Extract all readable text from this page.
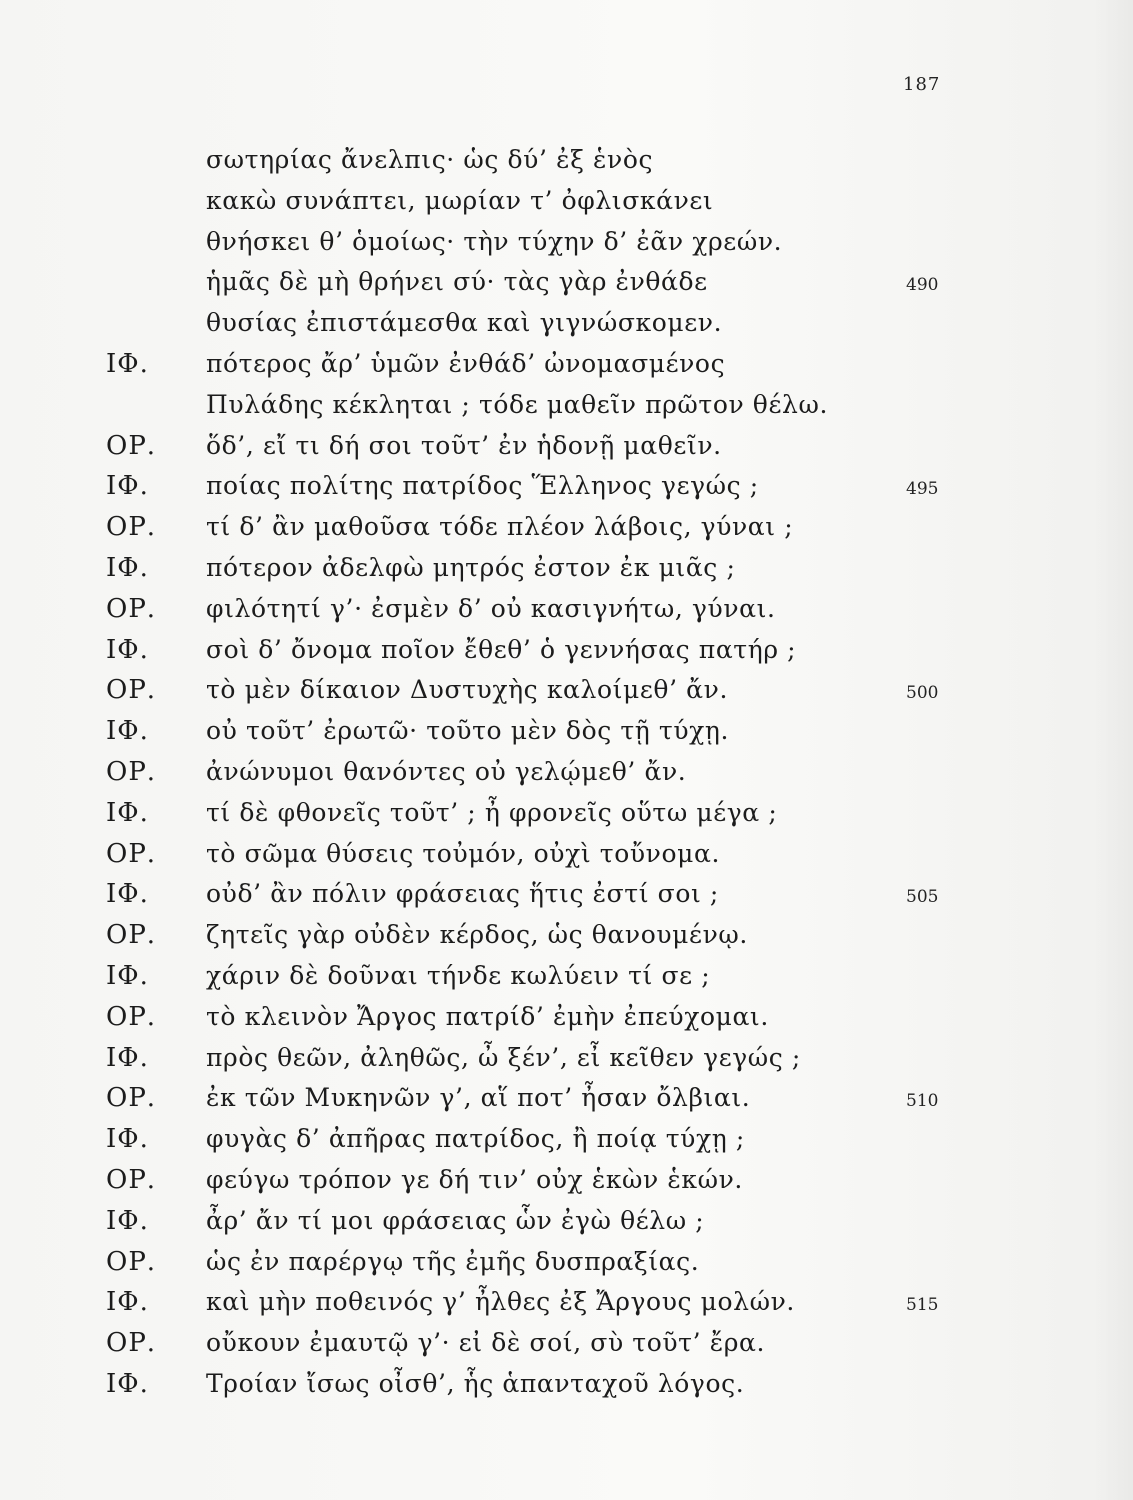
187
σωτηρίας ἄνελπις· ὡς δύ’ ἐξ ἑνὸς
κακὼ συνάπτει, μωρίαν τ’ ὀφλισκάνει
θνήσκει θ’ ὁμοίως· τὴν τύχην δ’ ἐᾶν χρεών.
ἡμᾶς δὲ μὴ θρήνει σύ· τὰς γὰρ ἐνθάδε	490
θυσίας ἐπιστάμεσθα καὶ γιγνώσκομεν.
ΙΦ. πότερος ἄρ’ ὑμῶν ἐνθάδ’ ὠνομασμένος
Πυλάδης κέκληται ; τόδε μαθεῖν πρῶτον θέλω.
ΟΡ. ὅδ’, εἴ τι δή σοι τοῦτ’ ἐν ἡδονῇ μαθεῖν.
ΙΦ. ποίας πολίτης πατρίδος Ἕλληνος γεγώς ;	495
ΟΡ. τί δ’ ἂν μαθοῦσα τόδε πλέον λάβοις, γύναι ;
ΙΦ. πότερον ἀδελφὼ μητρός ἐστον ἐκ μιᾶς ;
ΟΡ. φιλότητί γ’· ἐσμὲν δ’ οὐ κασιγνήτω, γύναι.
ΙΦ. σοὶ δ’ ὄνομα ποῖον ἔθεθ’ ὁ γεννήσας πατήρ ;
ΟΡ. τὸ μὲν δίκαιον Δυστυχὴς καλοίμεθ’ ἄν.	500
ΙΦ. οὐ τοῦτ’ ἐρωτῶ· τοῦτο μὲν δὸς τῇ τύχῃ.
ΟΡ. ἀνώνυμοι θανόντες οὐ γελῴμεθ’ ἄν.
ΙΦ. τί δὲ φθονεῖς τοῦτ’ ; ἦ φρονεῖς οὕτω μέγα ;
ΟΡ. τὸ σῶμα θύσεις τοὐμόν, οὐχὶ τοὔνομα.
ΙΦ. οὐδ’ ἂν πόλιν φράσειας ἥτις ἐστί σοι ;	505
ΟΡ. ζητεῖς γὰρ οὐδὲν κέρδος, ὡς θανουμένῳ.
ΙΦ. χάριν δὲ δοῦναι τήνδε κωλύειν τί σε ;
ΟΡ. τὸ κλεινὸν Ἄργος πατρίδ’ ἐμὴν ἐπεύχομαι.
ΙΦ. πρὸς θεῶν, ἀληθῶς, ὦ ξέν’, εἶ κεῖθεν γεγώς ;
ΟΡ. ἐκ τῶν Μυκηνῶν γ’, αἵ ποτ’ ἦσαν ὄλβιαι.	510
ΙΦ. φυγὰς δ’ ἀπῆρας πατρίδος, ἢ ποίᾳ τύχῃ ;
ΟΡ. φεύγω τρόπον γε δή τιν’ οὐχ ἑκὼν ἑκών.
ΙΦ. ἆρ’ ἄν τί μοι φράσειας ὧν ἐγὼ θέλω ;
ΟΡ. ὡς ἐν παρέργῳ τῆς ἐμῆς δυσπραξίας.
ΙΦ. καὶ μὴν ποθεινός γ’ ἦλθες ἐξ Ἄργους μολών.	515
ΟΡ. οὔκουν ἐμαυτῷ γ’· εἰ δὲ σοί, σὺ τοῦτ’ ἔρα.
ΙΦ. Τροίαν ἴσως οἶσθ’, ἧς ἁπανταχοῦ λόγος.
